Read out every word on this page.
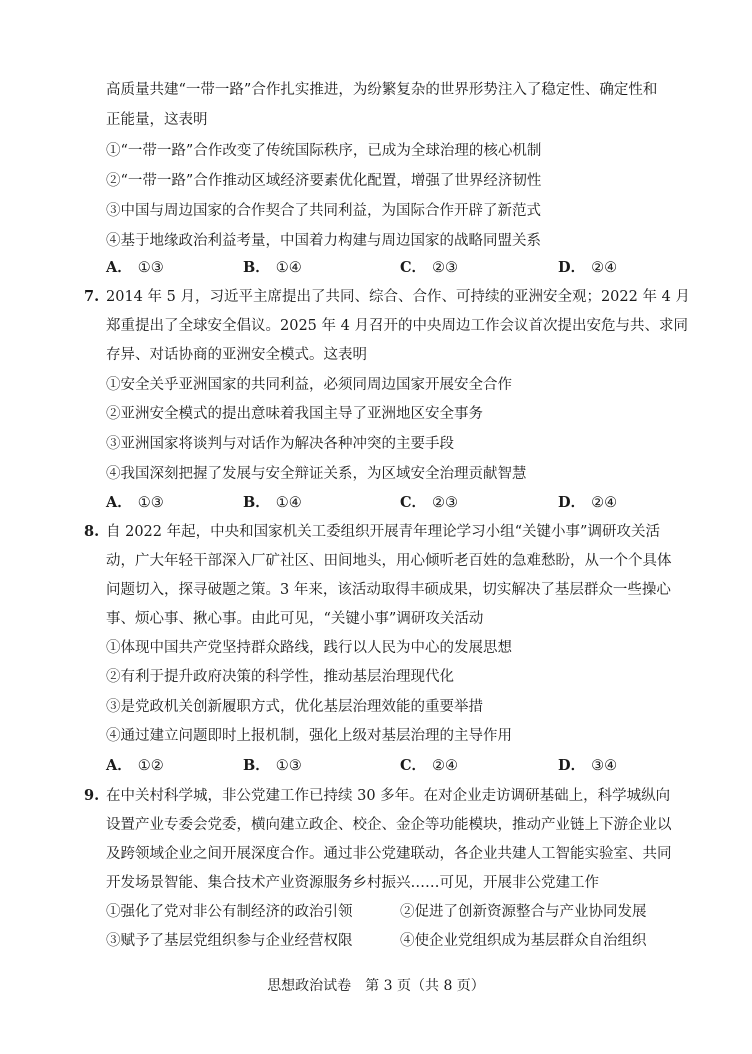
高质量共建“一带一路”合作扎实推进，为纷繁复杂的世界形势注入了稳定性、确定性和
正能量，这表明
①“一带一路”合作改变了传统国际秩序，已成为全球治理的核心机制
②“一带一路”合作推动区域经济要素优化配置，增强了世界经济韧性
③中国与周边国家的合作契合了共同利益，为国际合作开辟了新范式
④基于地缘政治利益考量，中国着力构建与周边国家的战略同盟关系
A． ①③	B． ①④	C． ②③	D． ②④
7. 2014 年 5 月，习近平主席提出了共同、综合、合作、可持续的亚洲安全观；2022 年 4 月
郑重提出了全球安全倡议。2025 年 4 月召开的中央周边工作会议首次提出安危与共、求同
存异、对话协商的亚洲安全模式。这表明
①安全关乎亚洲国家的共同利益，必须同周边国家开展安全合作
②亚洲安全模式的提出意味着我国主导了亚洲地区安全事务
③亚洲国家将谈判与对话作为解决各种冲突的主要手段
④我国深刻把握了发展与安全辩证关系，为区域安全治理贡献智慧
A． ①③	B． ①④	C． ②③	D． ②④
8. 自 2022 年起，中央和国家机关工委组织开展青年理论学习小组“关键小事”调研攻关活
动，广大年轻干部深入厂矿社区、田间地头，用心倾听老百姓的急难愁盼，从一个个具体
问题切入，探寻破题之策。3 年来，该活动取得丰硕成果，切实解决了基层群众一些操心
事、烦心事、揪心事。由此可见，“关键小事”调研攻关活动
①体现中国共产党坚持群众路线，践行以人民为中心的发展思想
②有利于提升政府决策的科学性，推动基层治理现代化
③是党政机关创新履职方式，优化基层治理效能的重要举措
④通过建立问题即时上报机制，强化上级对基层治理的主导作用
A． ①②	B． ①③	C． ②④	D． ③④
9. 在中关村科学城，非公党建工作已持续 30 多年。在对企业走访调研基础上，科学城纵向
设置产业专委会党委，横向建立政企、校企、金企等功能模块，推动产业链上下游企业以
及跨领域企业之间开展深度合作。通过非公党建联动，各企业共建人工智能实验室、共同
开发场景智能、集合技术产业资源服务乡村振兴……可见，开展非公党建工作
①强化了党对非公有制经济的政治引领	②促进了创新资源整合与产业协同发展
③赋予了基层党组织参与企业经营权限	④使企业党组织成为基层群众自治组织
思想政治试卷　第 3 页（共 8 页）
